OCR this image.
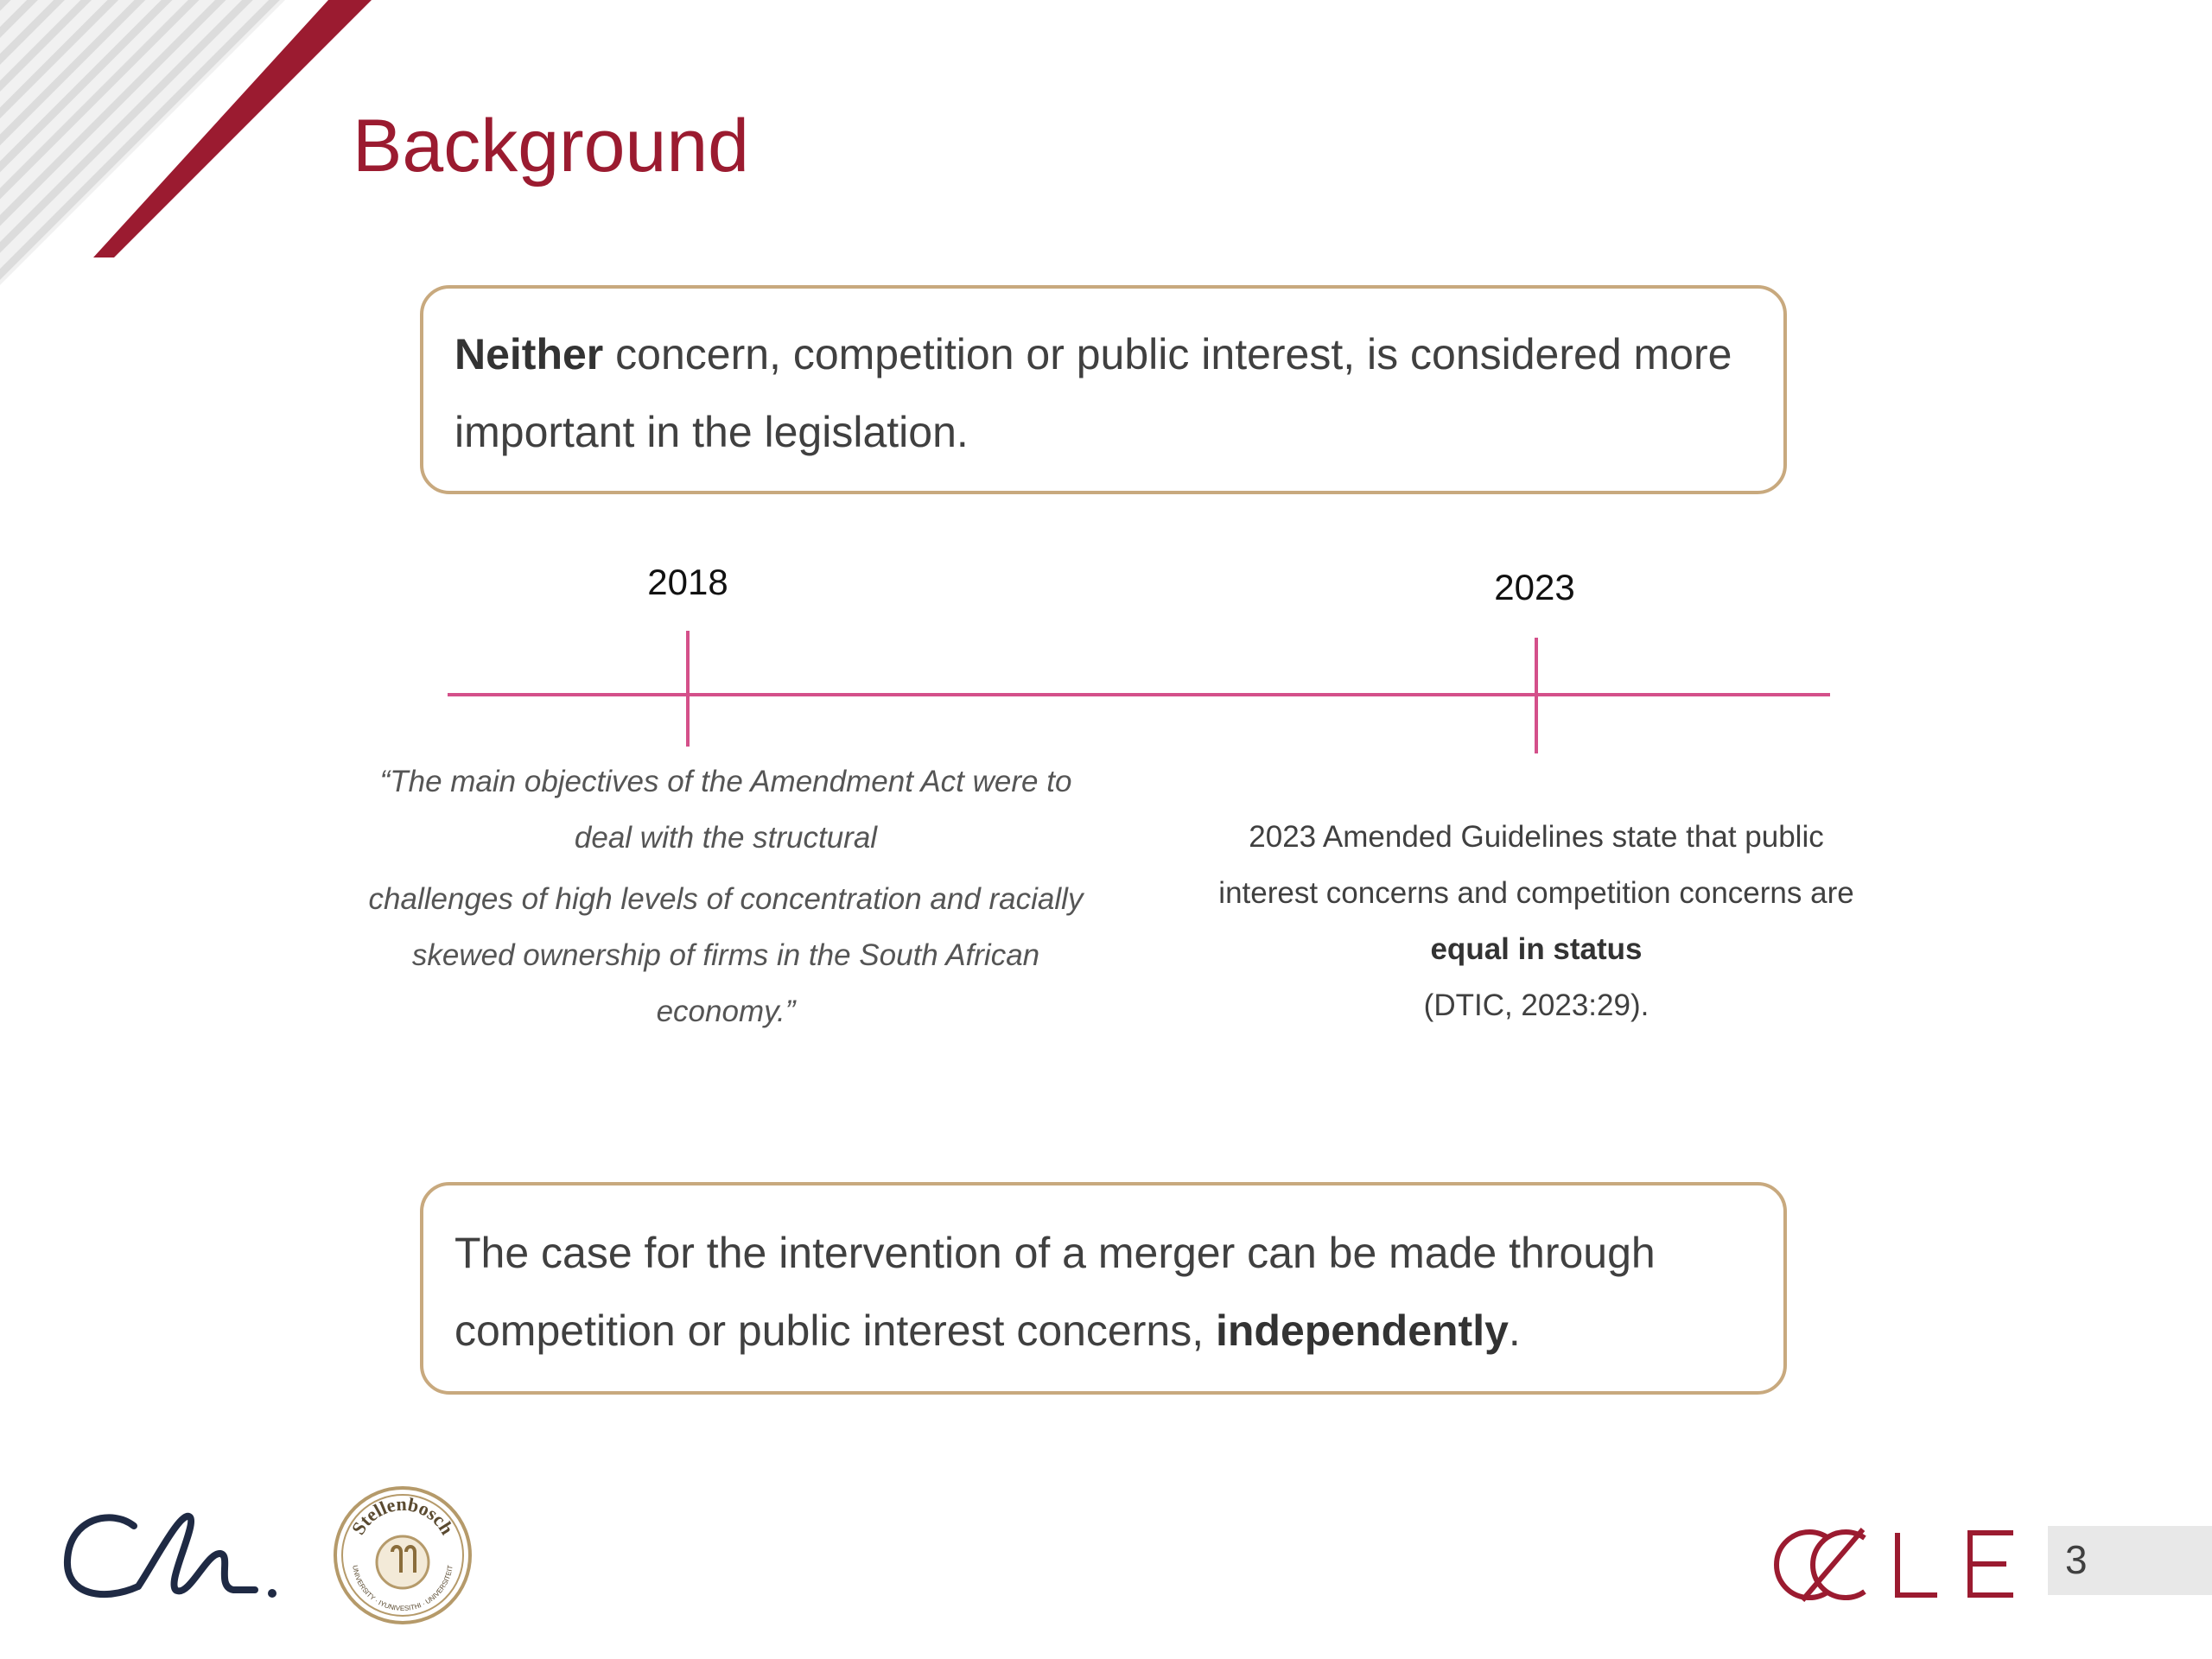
Background

Neither concern, competition or public interest, is considered more important in the legislation.

2018	2023
“The main objectives of the Amendment Act were to
deal with the structural
challenges of high levels of concentration and racially
skewed ownership of firms in the South African
economy.”
2023 Amended Guidelines state that public
interest concerns and competition concerns are
equal in status
(DTIC, 2023:29).

The case for the intervention of a merger can be made through competition or public interest concerns, independently.

Stellenbosch
UNIVERSITY · IYUNIVESITHI · UNIVERSITEIT	3
